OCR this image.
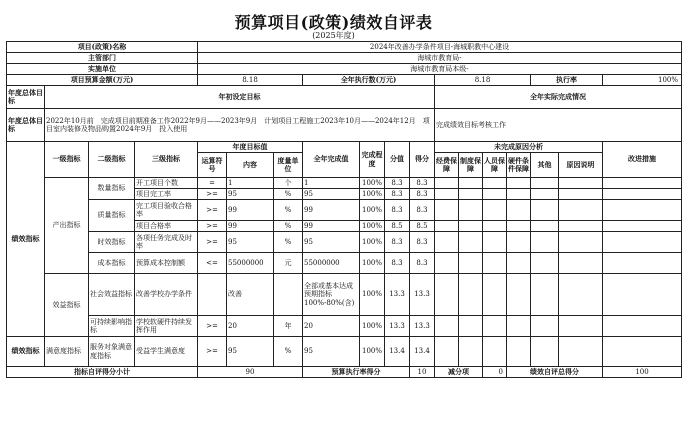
预算项目(政策)绩效自评表
(2025年度)
项目(政策)名称				2024年改善办学条件项目-海城职教中心建设													
主管部门				海城市教育局-													
实施单位				海城市教育局本级-													
项目预算金额(万元)				8.18			全年执行数(万元)				8.18				执行率		100%
年度总体目标	年初设定目标										全年实际完成情况						
年度总体目标	2022年10月前　完成项目前期准备工作2022年9月——2023年9月　计划项目工程施工2023年10月——2024年12月　项目室内装修及物品购置2024年9月　投入使用										完成绩效目标考核工作						
绩效指标	一级指标	二级指标	三级指标	年度目标值			全年完成值	完成程度	分值	得分	未完成原因分析						改进措施
				运算符号	内容	度量单位					经费保障	制度保障	人员保障	硬件条件保障	其他	原因说明	

	产出指标	数量指标	开工项目个数	=	1	个	1	100%	8.3	8.3							
			项目完工率	>=	95	%	95	100%	8.3	8.3							
		质量指标	完工项目验收合格率	>=	99	%	99	100%	8.3	8.3							
			项目合格率	>=	99	%	99	100%	8.5	8.5							
		时效指标	各项任务完成及时率	>=	95	%	95	100%	8.3	8.3							
		成本指标	预算成本控制额	<=	55000000	元	55000000	100%	8.3	8.3							
	效益指标	社会效益指标	改善学校办学条件		改善		全部或基本达成预期指标100%-80%(含)	100%	13.3	13.3							
		可持续影响指标	学校软硬件持续发挥作用	>=	20	年	20	100%	13.3	13.3							
绩效指标	满意度指标	服务对象满意度指标	受益学生满意度	>=	95	%	95	100%	13.4	13.4							
指标自评得分小计				90			预算执行率得分			10	减分项		0	绩效自评总得分			100
